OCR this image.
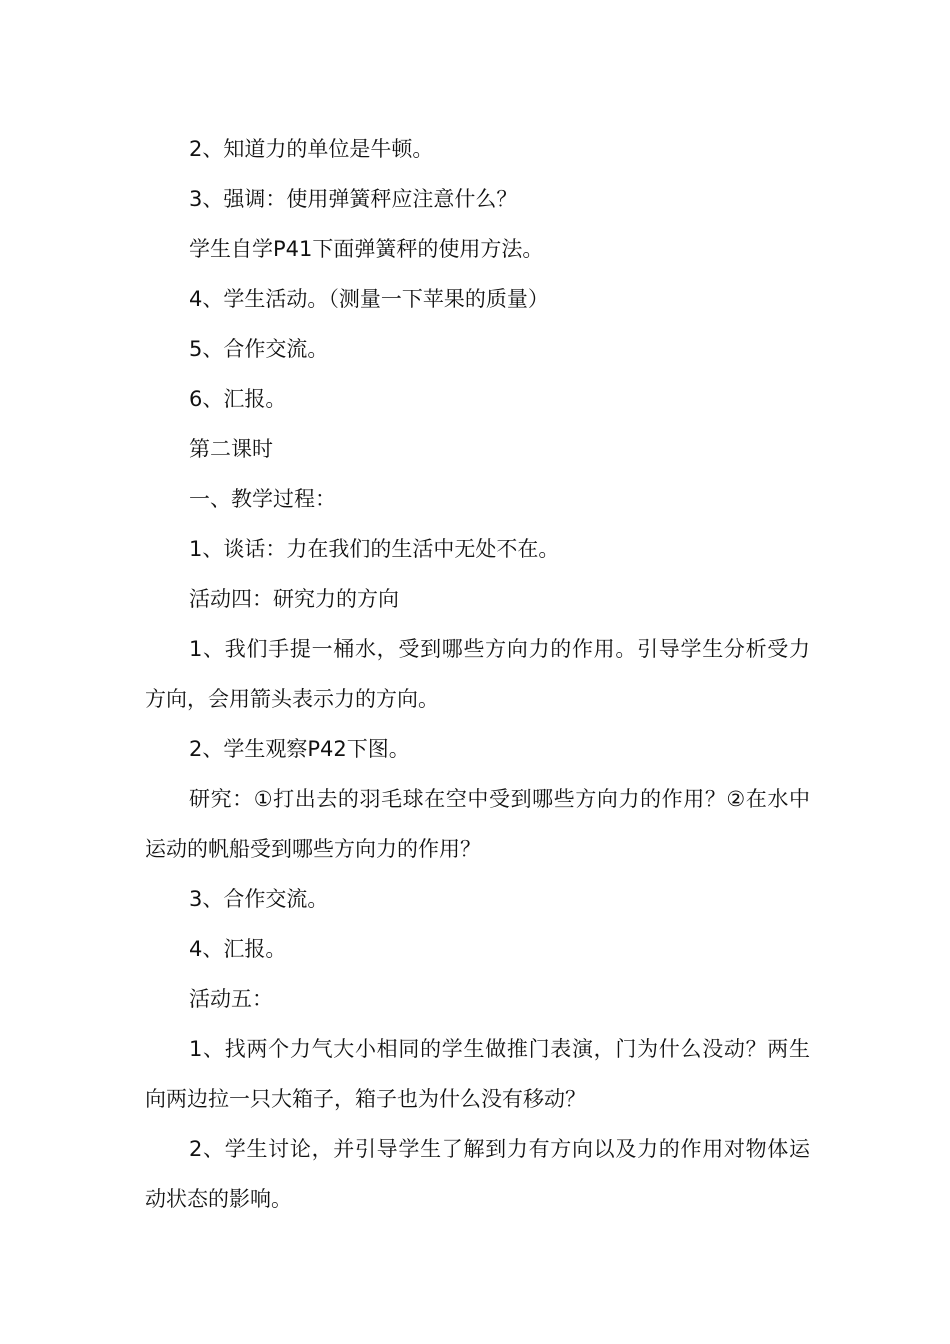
2、知道力的单位是牛顿。

3、强调：使用弹簧秤应注意什么？

学生自学P41下面弹簧秤的使用方法。

4、学生活动。（测量一下苹果的质量）

5、合作交流。

6、汇报。

第二课时

一、教学过程：

1、谈话：力在我们的生活中无处不在。

活动四：研究力的方向

1、我们手提一桶水，受到哪些方向力的作用。引导学生分析受力方向，会用箭头表示力的方向。

2、学生观察P42下图。

研究：①打出去的羽毛球在空中受到哪些方向力的作用？②在水中运动的帆船受到哪些方向力的作用？

3、合作交流。

4、汇报。

活动五：

1、找两个力气大小相同的学生做推门表演，门为什么没动？两生向两边拉一只大箱子，箱子也为什么没有移动？

2、学生讨论，并引导学生了解到力有方向以及力的作用对物体运动状态的影响。
